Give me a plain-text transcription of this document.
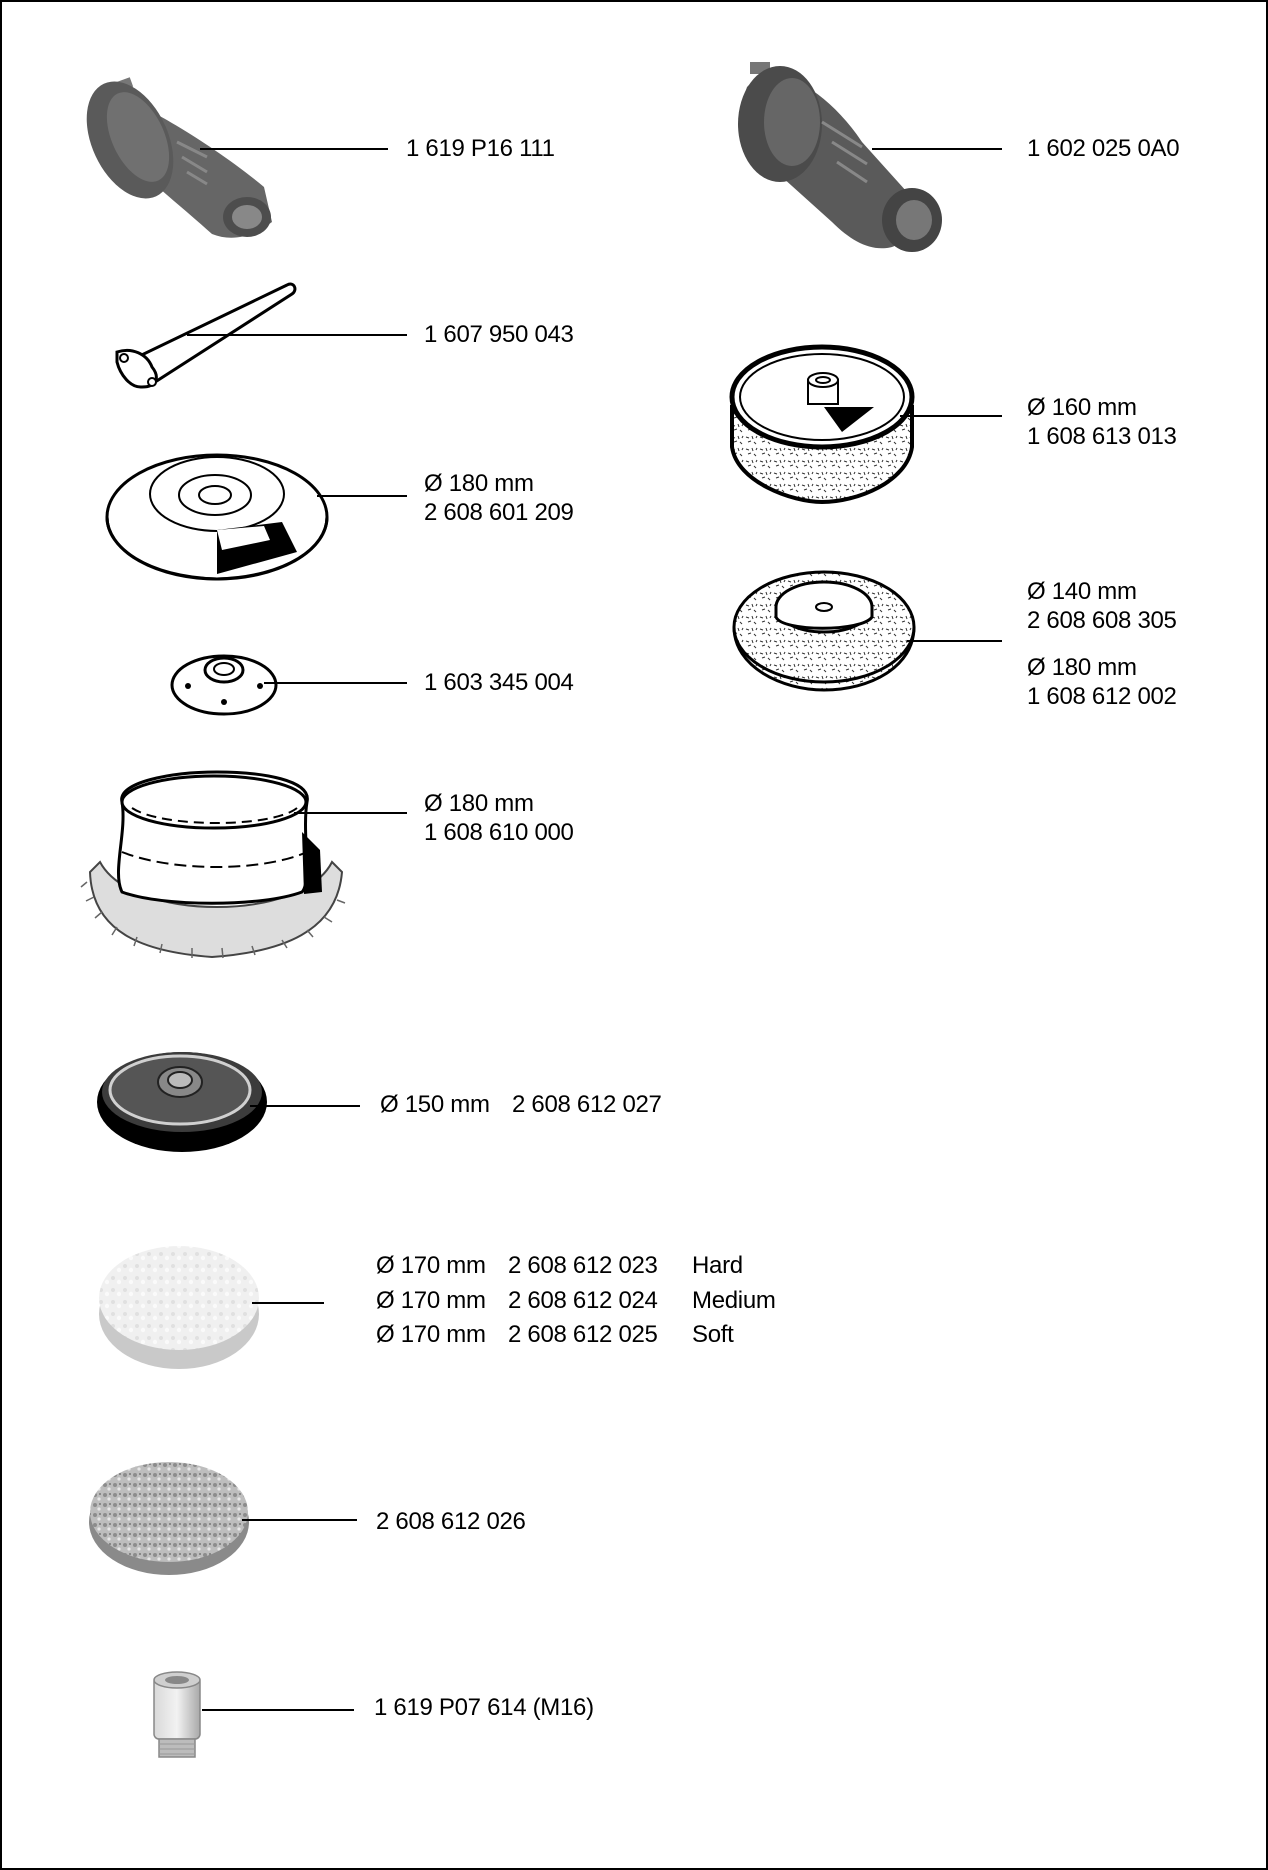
1 619 P16 111	1 602 025 0A0
1 607 950 043
Ø 180 mm
2 608 601 209
1 603 345 004
Ø 160 mm
1 608 613 013
Ø 140 mm
2 608 608 305
Ø 180 mm
1 608 612 002
Ø 180 mm
1 608 610 000
Ø 150 mm 2 608 612 027
Ø 170 mm 2 608 612 023 Hard
Ø 170 mm 2 608 612 024 Medium
Ø 170 mm 2 608 612 025 Soft
2 608 612 026
1 619 P07 614 (M16)
